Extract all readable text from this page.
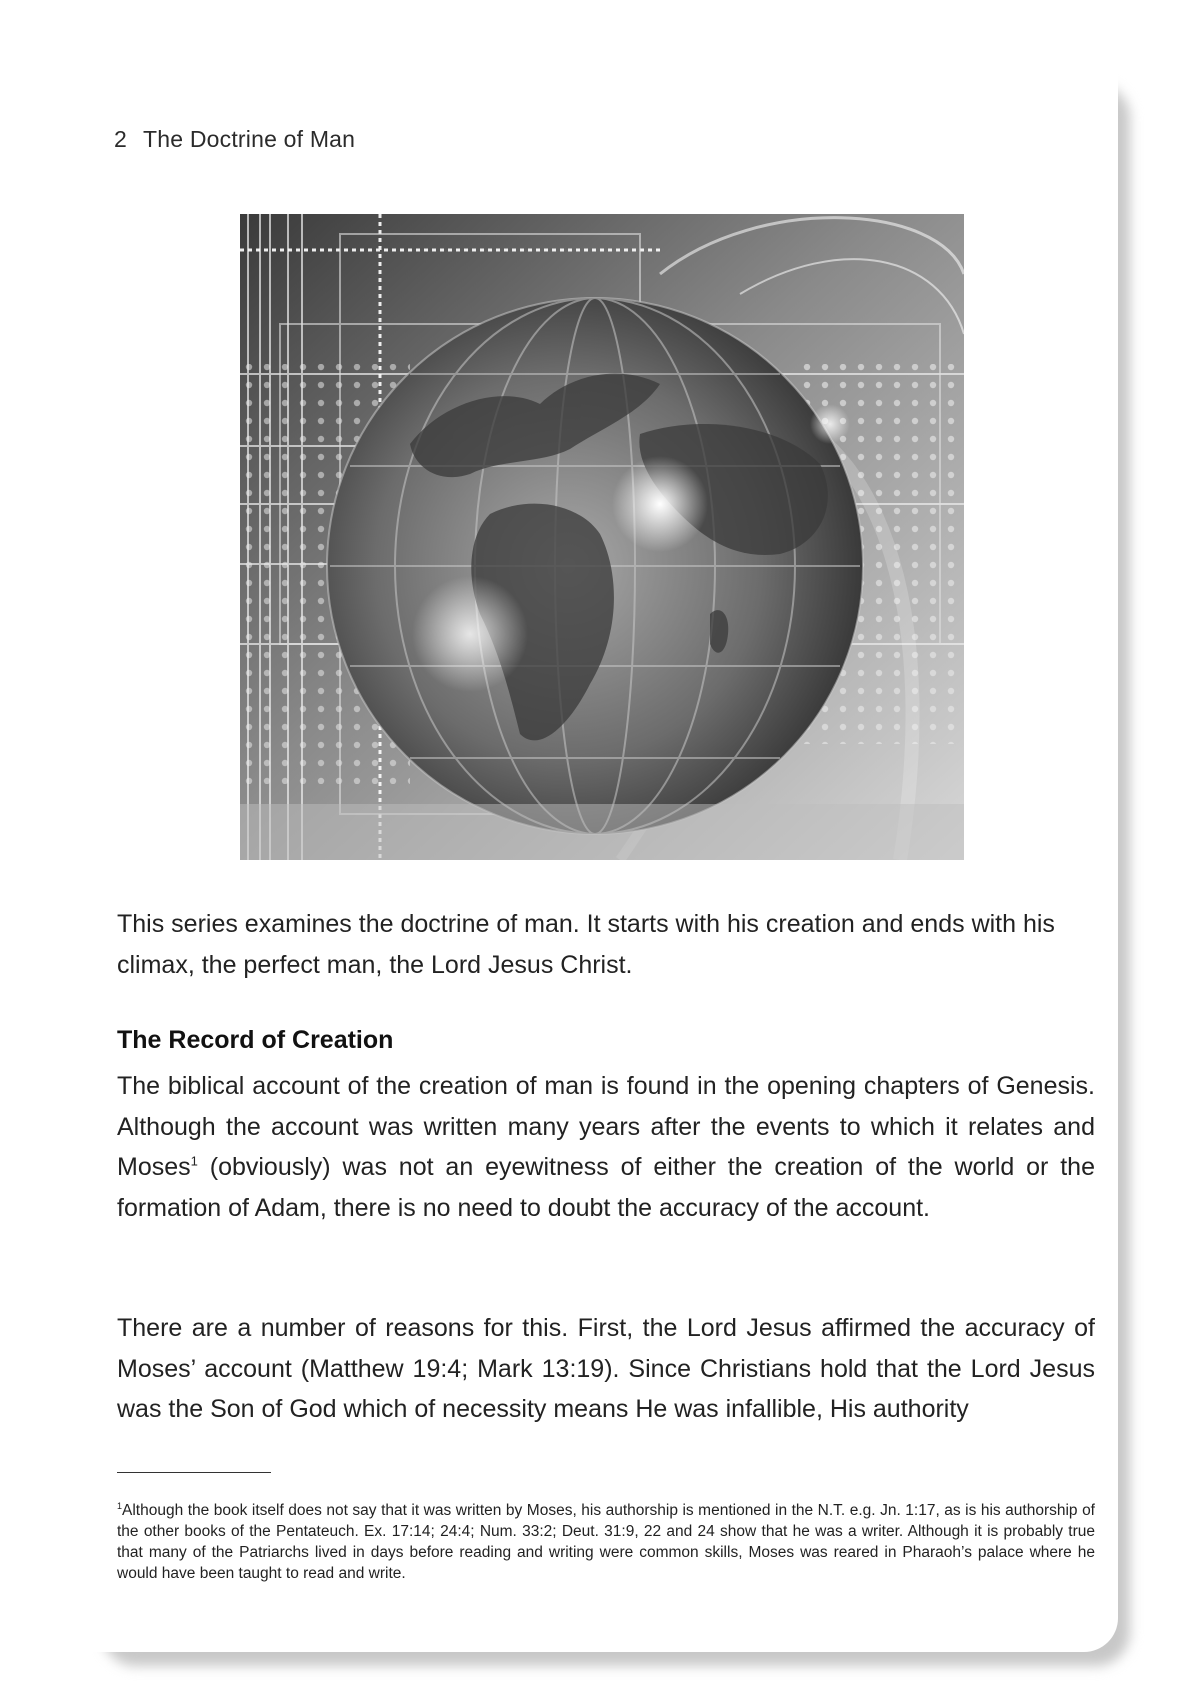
2 The Doctrine of Man

This series examines the doctrine of man. It starts with his creation and ends with his climax, the perfect man, the Lord Jesus Christ.

The Record of Creation

The biblical account of the creation of man is found in the opening chapters of Genesis. Although the account was written many years after the events to which it relates and Moses$^1$ (obviously) was not an eyewitness of either the creation of the world or the formation of Adam, there is no need to doubt the accuracy of the account.

There are a number of reasons for this. First, the Lord Jesus affirmed the accuracy of Moses’ account (Matthew 19:4; Mark 13:19). Since Christians hold that the Lord Jesus was the Son of God which of necessity means He was infallible, His authority

$^1$Although the book itself does not say that it was written by Moses, his authorship is mentioned in the N.T. e.g. Jn. 1:17, as is his authorship of the other books of the Pentateuch. Ex. 17:14; 24:4; Num. 33:2; Deut. 31:9, 22 and 24 show that he was a writer. Although it is probably true that many of the Patriarchs lived in days before reading and writing were common skills, Moses was reared in Pharaoh’s palace where he would have been taught to read and write.
